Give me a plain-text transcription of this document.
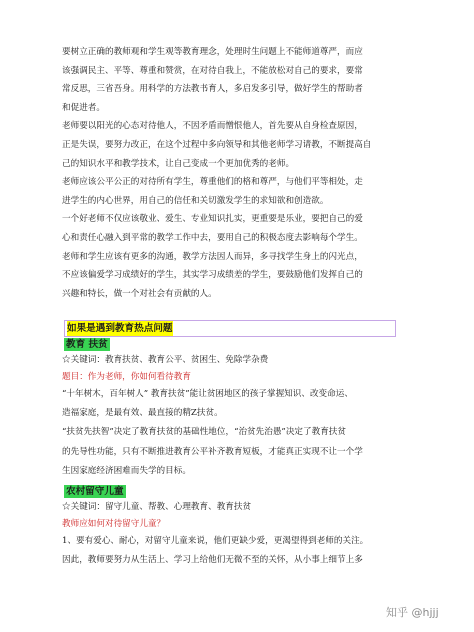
要树立正确的教师观和学生观等教育理念，处理时生问题上不能师道尊严，而应

该强调民主、平等、尊重和赞赏，在对待自我上，不能放松对自己的要求，要常

常反思，三省吾身。用科学的方法教书育人，多启发多引导，做好学生的帮助者

和促进者。

老师要以阳光的心态对待他人，不因矛盾而憎恨他人，首先要从自身检查原因，

正是失误，要努力改正，在这个过程中多向领导和其他老师学习请教，不断提高自

己的知识水平和教学技术，让自己变成一个更加优秀的老师。

老师应该公平公正的对待所有学生，尊重他们的格和尊严，与他们平等相处，走

进学生的内心世界，用自己的信任和关切激发学生的求知欲和创造欲。

一个好老师不仅应该敬业、爱生、专业知识扎实，更重要是乐业，要把自己的爱

心和责任心融入到平常的教学工作中去，要用自己的积极态度去影响每个学生。

老师和学生应该有更多的沟通，教学方法因人而异，多寻找学生身上的闪光点，

不应该偏爱学习成绩好的学生，其实学习成绩差的学生，要鼓励他们发挥自己的

兴趣和特长，做一个对社会有贡献的人。

如果是遇到教育热点问题
教育 扶贫

☆关键词：教育扶贫、教育公平、贫困生、免除学杂费

题目：作为老师，你如何看待教育

“十年树木，百年树人” 教育扶贫”能让贫困地区的孩子掌握知识、改变命运、

造福家庭，是最有效、最直接的精Z扶贫。

“扶贫先扶智”决定了教育扶贫的基础性地位，“治贫先治愚”决定了教育扶贫

的先导性功能，只有不断推进教育公平补齐教育短板，才能真正实现不让一个学

生因家庭经济困难而失学的目标。

农村留守儿童

☆关键词：留守儿童、帮教、心理教育、教育扶贫

教师应如何对待留守儿童？

1、要有爱心、耐心，对留守儿童来说，他们更缺少爱，更渴望得到老师的关注。

因此，教师要努力从生活上、学习上给他们无微不至的关怀，从小事上细节上多

知乎 @hjjj
